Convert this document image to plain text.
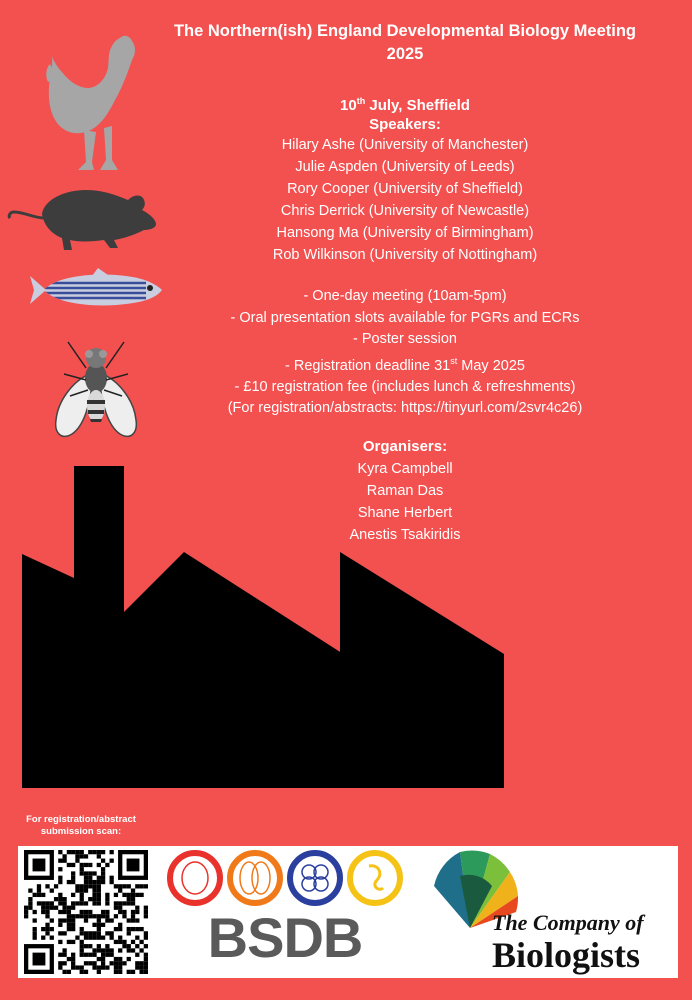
The Northern(ish) England Developmental Biology Meeting
2025
10th July, Sheffield
Speakers:
Hilary Ashe (University of Manchester)
Julie Aspden (University of Leeds)
Rory Cooper (University of Sheffield)
Chris Derrick (University of Newcastle)
Hansong Ma (University of Birmingham)
Rob Wilkinson (University of Nottingham)
- One-day meeting (10am-5pm)
- Oral presentation slots available for PGRs and ECRs
- Poster session
- Registration deadline 31st May 2025
- £10 registration fee (includes lunch & refreshments)
(For registration/abstracts: https://tinyurl.com/2svr4c26)
Organisers:
Kyra Campbell
Raman Das
Shane Herbert
Anestis Tsakiridis
For registration/abstract
submission scan:
BSDB	The Company of
Biologists
